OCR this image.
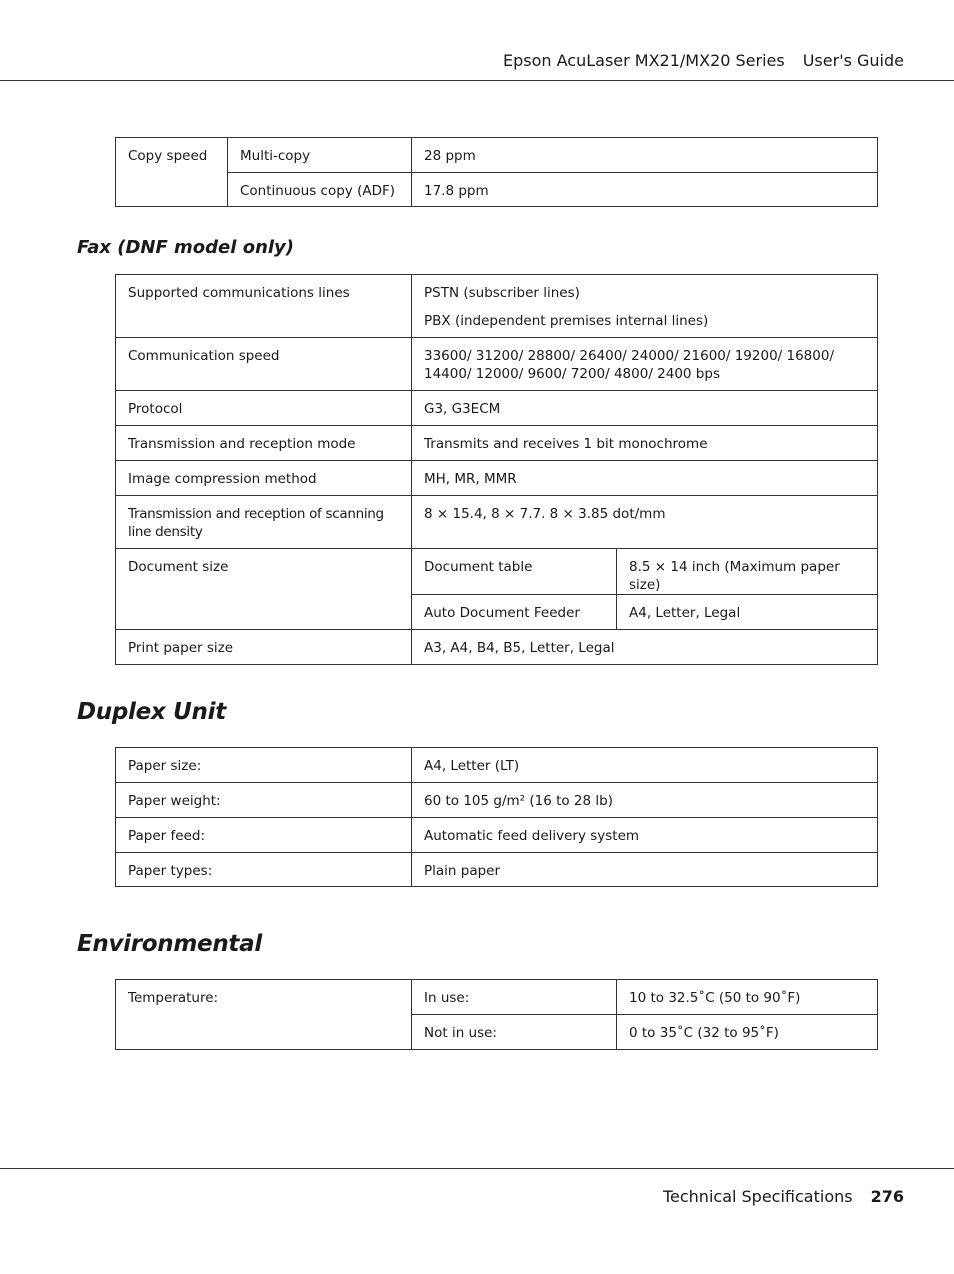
Epson AcuLaser MX21/MX20 Series User's Guide
Copy speed	Multi-copy	28 ppm
	Continuous copy (ADF)	17.8 ppm
Fax (DNF model only)
Supported communications lines	PSTN (subscriber lines)

PBX (independent premises internal lines)	

Communication speed	33600/ 31200/ 28800/ 26400/ 24000/ 21600/ 19200/ 16800/ 14400/ 12000/ 9600/ 7200/ 4800/ 2400 bps	
Protocol	G3, G3ECM	
Transmission and reception mode	Transmits and receives 1 bit monochrome	
Image compression method	MH, MR, MMR	
Transmission and reception of scanning line density	8 × 15.4, 8 × 7.7. 8 × 3.85 dot/mm	
Document size	Document table	8.5 × 14 inch (Maximum paper size)
	Auto Document Feeder	A4, Letter, Legal
Print paper size	A3, A4, B4, B5, Letter, Legal	
Duplex Unit
Paper size:	A4, Letter (LT)
Paper weight:	60 to 105 g/m² (16 to 28 lb)
Paper feed:	Automatic feed delivery system
Paper types:	Plain paper
Environmental
Temperature:	In use:	10 to 32.5˚C (50 to 90˚F)
	Not in use:	0 to 35˚C (32 to 95˚F)
Technical Specifications 276
